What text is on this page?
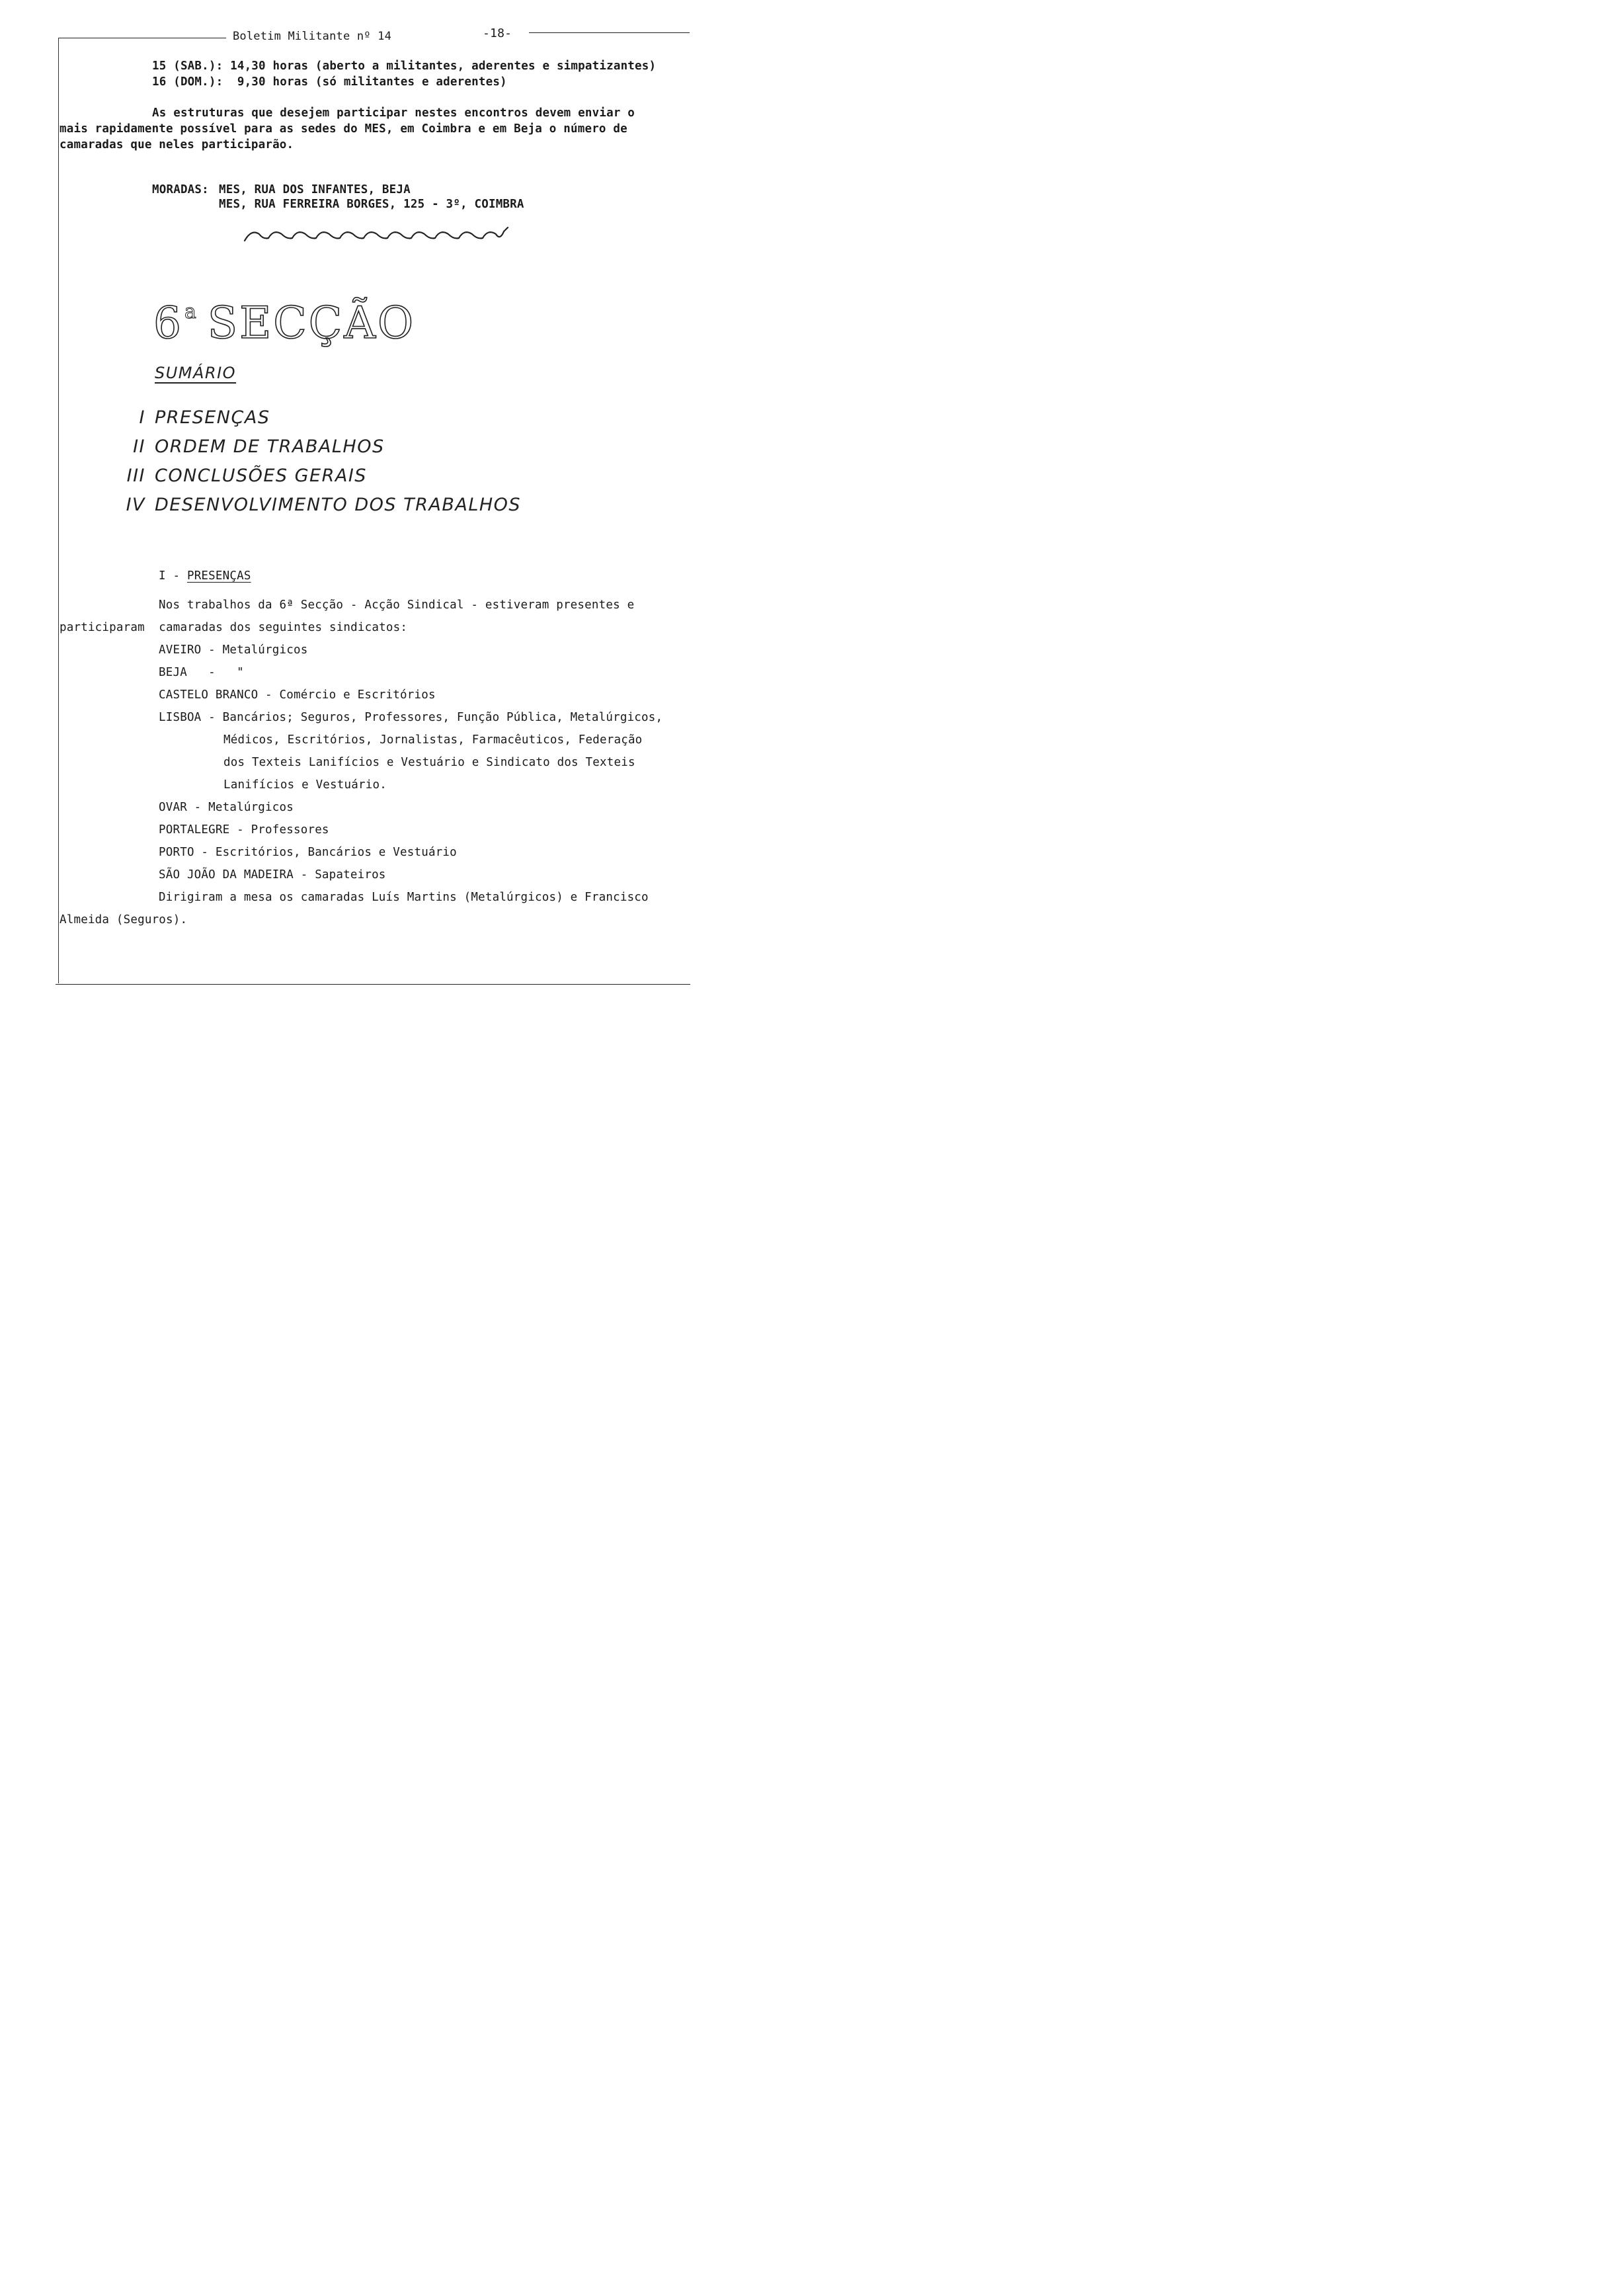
Boletim Militante nº 14	-18-
15 (SAB.): 14,30 horas (aberto a militantes, aderentes e simpatizantes)
16 (DOM.):  9,30 horas (só militantes e aderentes)
As estruturas que desejem participar nestes encontros devem enviar o
mais rapidamente possível para as sedes do MES, em Coimbra e em Beja o número de
camaradas que neles participarão.
MORADAS: MES, RUA DOS INFANTES, BEJA
MES, RUA FERREIRA BORGES, 125 - 3º, COIMBRA
6$^a$ SECÇÃO
SUMÁRIO
I PRESENÇAS
II ORDEM DE TRABALHOS
III CONCLUSÕES GERAIS
IV DESENVOLVIMENTO DOS TRABALHOS
I - PRESENÇAS
Nos trabalhos da 6ª Secção - Acção Sindical - estiveram presentes e
participaram  camaradas dos seguintes sindicatos:
AVEIRO - Metalúrgicos
BEJA   -   "
CASTELO BRANCO - Comércio e Escritórios
LISBOA - Bancários; Seguros, Professores, Função Pública, Metalúrgicos,
Médicos, Escritórios, Jornalistas, Farmacêuticos, Federação
dos Texteis Lanifícios e Vestuário e Sindicato dos Texteis
Lanifícios e Vestuário.
OVAR - Metalúrgicos
PORTALEGRE - Professores
PORTO - Escritórios, Bancários e Vestuário
SÃO JOÃO DA MADEIRA - Sapateiros
Dirigiram a mesa os camaradas Luís Martins (Metalúrgicos) e Francisco
Almeida (Seguros).
